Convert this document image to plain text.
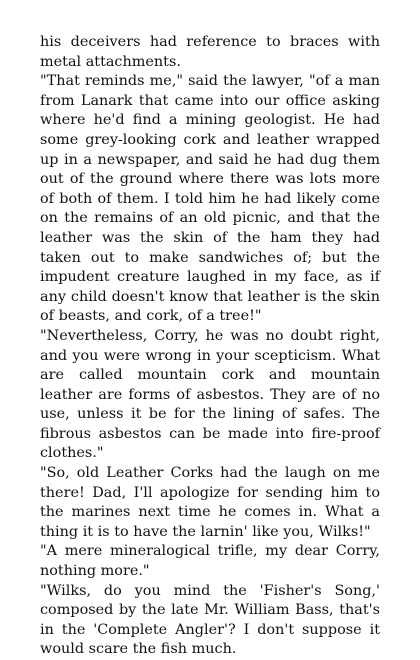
his deceivers had reference to braces with metal attachments.

"That reminds me," said the lawyer, "of a man from Lanark that came into our office asking where he'd find a mining geologist. He had some grey-looking cork and leather wrapped up in a newspaper, and said he had dug them out of the ground where there was lots more of both of them. I told him he had likely come on the remains of an old picnic, and that the leather was the skin of the ham they had taken out to make sandwiches of; but the impudent creature laughed in my face, as if any child doesn't know that leather is the skin of beasts, and cork, of a tree!"

"Nevertheless, Corry, he was no doubt right, and you were wrong in your scepticism. What are called mountain cork and mountain leather are forms of asbestos. They are of no use, unless it be for the lining of safes. The fibrous asbestos can be made into fire-proof clothes."

"So, old Leather Corks had the laugh on me there! Dad, I'll apologize for sending him to the marines next time he comes in. What a thing it is to have the larnin' like you, Wilks!"

"A mere mineralogical trifle, my dear Corry, nothing more."

"Wilks, do you mind the 'Fisher's Song,' composed by the late Mr. William Bass, that's in the 'Complete Angler'? I don't suppose it would scare the fish much.
